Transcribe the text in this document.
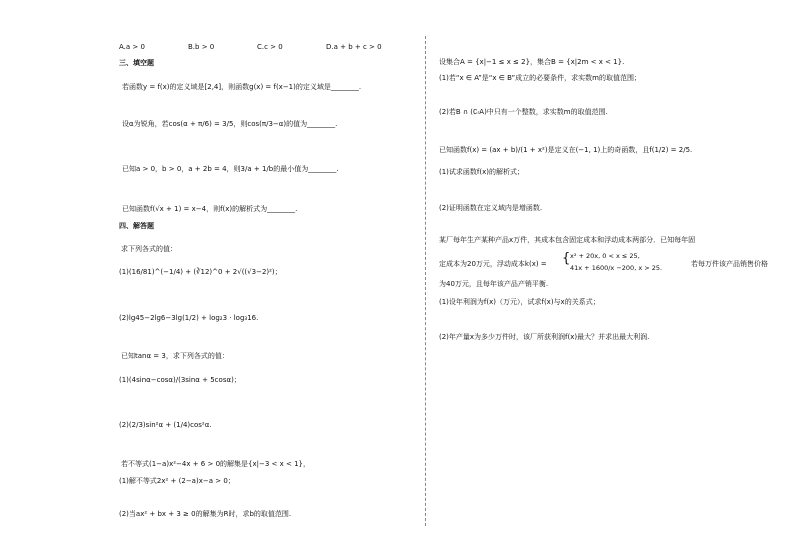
A.a > 0	B.b > 0	C.c > 0	D.a + b + c > 0
三、填空题
若函数y = f(x)的定义域是[2,4]，则函数g(x) = f(x−1)的定义域是________.
设α为锐角，若cos(α + π/6) = 3/5，则cos(π/3−α)的值为________.
已知a > 0，b > 0，a + 2b = 4，则3/a + 1/b的最小值为________.
已知函数f(√x + 1) = x−4，则f(x)的解析式为________.
四、解答题
求下列各式的值：
(1)(16/81)^(−1/4) + (∛12)^0 + 2√((√3−2)²)；
(2)lg45−2lg6−3lg(1/2) + log₂3 · log₃16.
已知tanα = 3，求下列各式的值：
(1)(4sinα−cosα)/(3sinα + 5cosα)；
(2)(2/3)sin²α + (1/4)cos²α.
若不等式(1−a)x²−4x + 6 > 0的解集是{x|−3 < x < 1}，
(1)解不等式2x² + (2−a)x−a > 0；
(2)当ax² + bx + 3 ≥ 0的解集为R时，求b的取值范围.
设集合A = {x|−1 ≤ x ≤ 2}，集合B = {x|2m < x < 1}.
(1)若“x ∈ A”是“x ∈ B”成立的必要条件，求实数m的取值范围；
(2)若B ∩ (∁ᵣA)中只有一个整数，求实数m的取值范围.
已知函数f(x) = (ax + b)/(1 + x²)是定义在(−1, 1)上的奇函数，且f(1/2) = 2/5.
(1)试求函数f(x)的解析式；
(2)证明函数在定义域内是增函数.
某厂每年生产某种产品x万件，其成本包含固定成本和浮动成本两部分．已知每年固
定成本为20万元，浮动成本k(x) = { x² + 20x, 0 < x ≤ 25,
41x + 1600/x −200, x > 25.	若每万件该产品销售价格
为40万元，且每年该产品产销平衡.
(1)设年利润为f(x)（万元），试求f(x)与x的关系式；
(2)年产量x为多少万件时，该厂所获利润f(x)最大？并求出最大利润.
